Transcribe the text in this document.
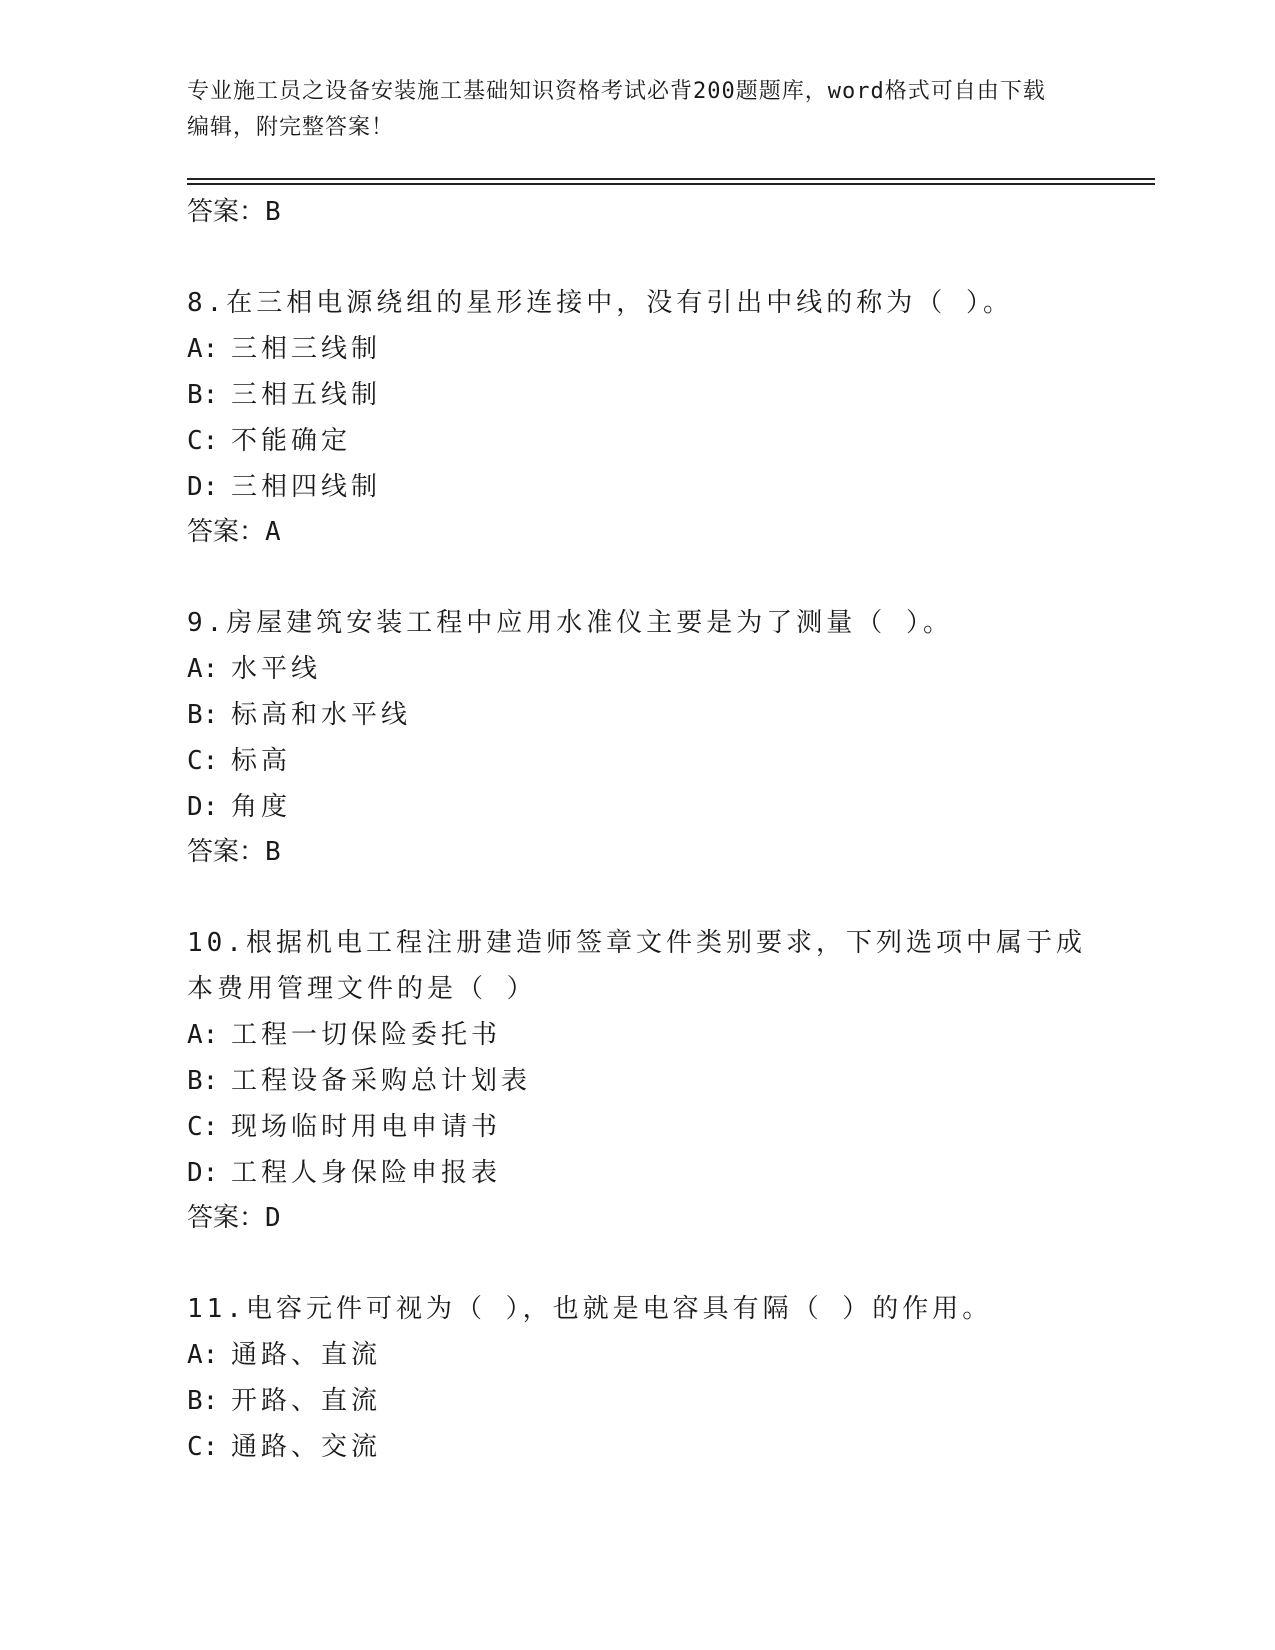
专业施工员之设备安装施工基础知识资格考试必背200题题库，word格式可自由下载编辑，附完整答案！
答案：B
8.在三相电源绕组的星形连接中，没有引出中线的称为（ ）。
A: 三相三线制
B: 三相五线制
C: 不能确定
D: 三相四线制
答案：A
9.房屋建筑安装工程中应用水准仪主要是为了测量（ ）。
A: 水平线
B: 标高和水平线
C: 标高
D: 角度
答案：B
10.根据机电工程注册建造师签章文件类别要求，下列选项中属于成本费用管理文件的是（ ）
A: 工程一切保险委托书
B: 工程设备采购总计划表
C: 现场临时用电申请书
D: 工程人身保险申报表
答案：D
11.电容元件可视为（ ），也就是电容具有隔（ ）的作用。
A: 通路、直流
B: 开路、直流
C: 通路、交流
